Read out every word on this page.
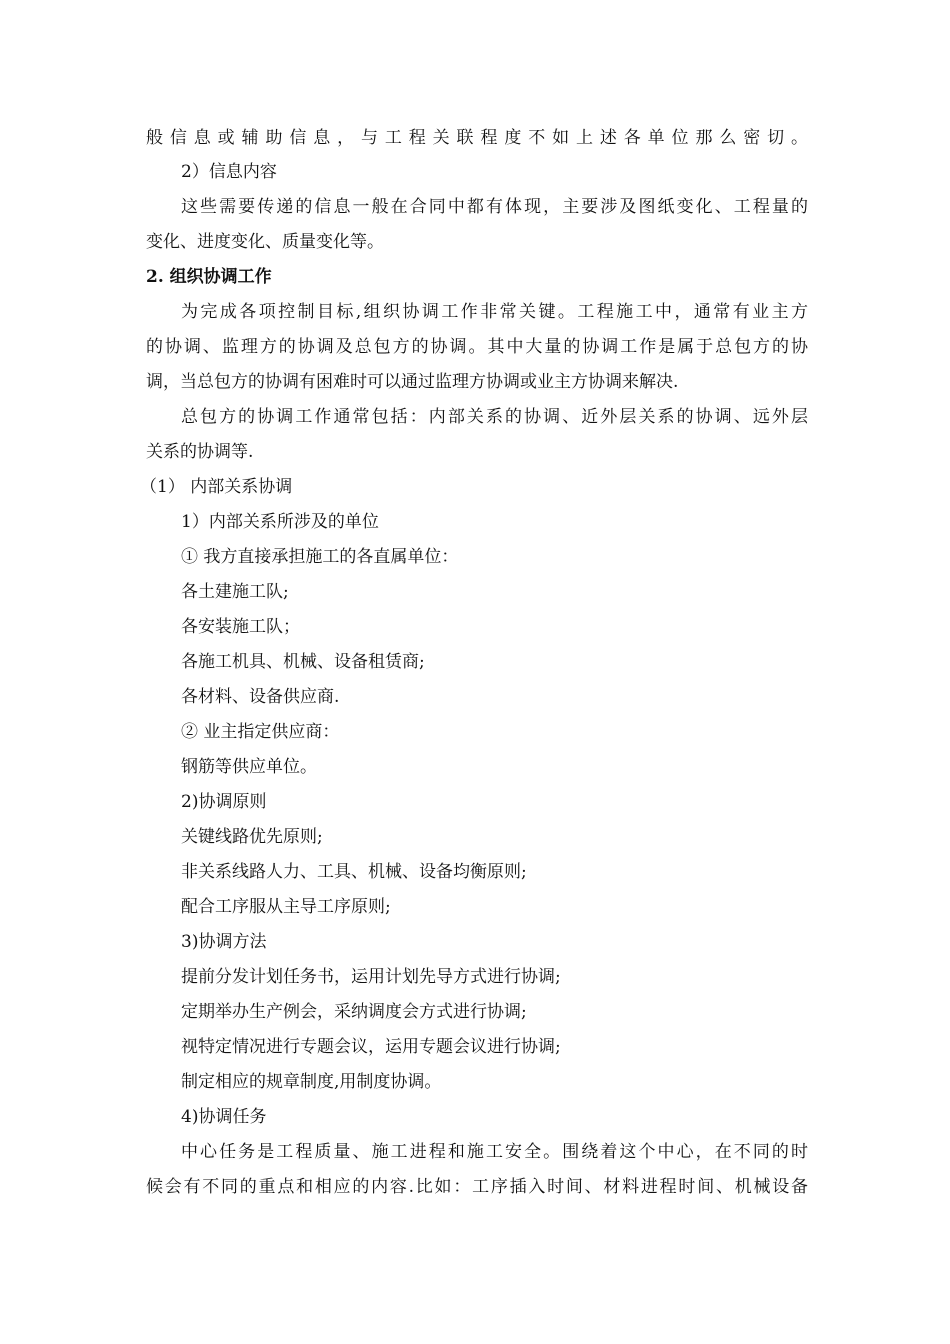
般信息或辅助信息，与工程关联程度不如上述各单位那么密切。
2）信息内容
这些需要传递的信息一般在合同中都有体现，主要涉及图纸变化、工程量的
变化、进度变化、质量变化等。
2. 组织协调工作
为完成各项控制目标,组织协调工作非常关键。工程施工中，通常有业主方
的协调、监理方的协调及总包方的协调。其中大量的协调工作是属于总包方的协
调，当总包方的协调有困难时可以通过监理方协调或业主方协调来解决.
总包方的协调工作通常包括：内部关系的协调、近外层关系的协调、远外层
关系的协调等.
（1） 内部关系协调
1）内部关系所涉及的单位
① 我方直接承担施工的各直属单位：
各土建施工队;
各安装施工队；
各施工机具、机械、设备租赁商;
各材料、设备供应商.
② 业主指定供应商：
钢筋等供应单位。
2)协调原则
关键线路优先原则;
非关系线路人力、工具、机械、设备均衡原则;
配合工序服从主导工序原则;
3)协调方法
提前分发计划任务书，运用计划先导方式进行协调;
定期举办生产例会，采纳调度会方式进行协调;
视特定情况进行专题会议，运用专题会议进行协调;
制定相应的规章制度,用制度协调。
4)协调任务
中心任务是工程质量、施工进程和施工安全。围绕着这个中心，在不同的时
候会有不同的重点和相应的内容.比如：工序插入时间、材料进程时间、机械设备
